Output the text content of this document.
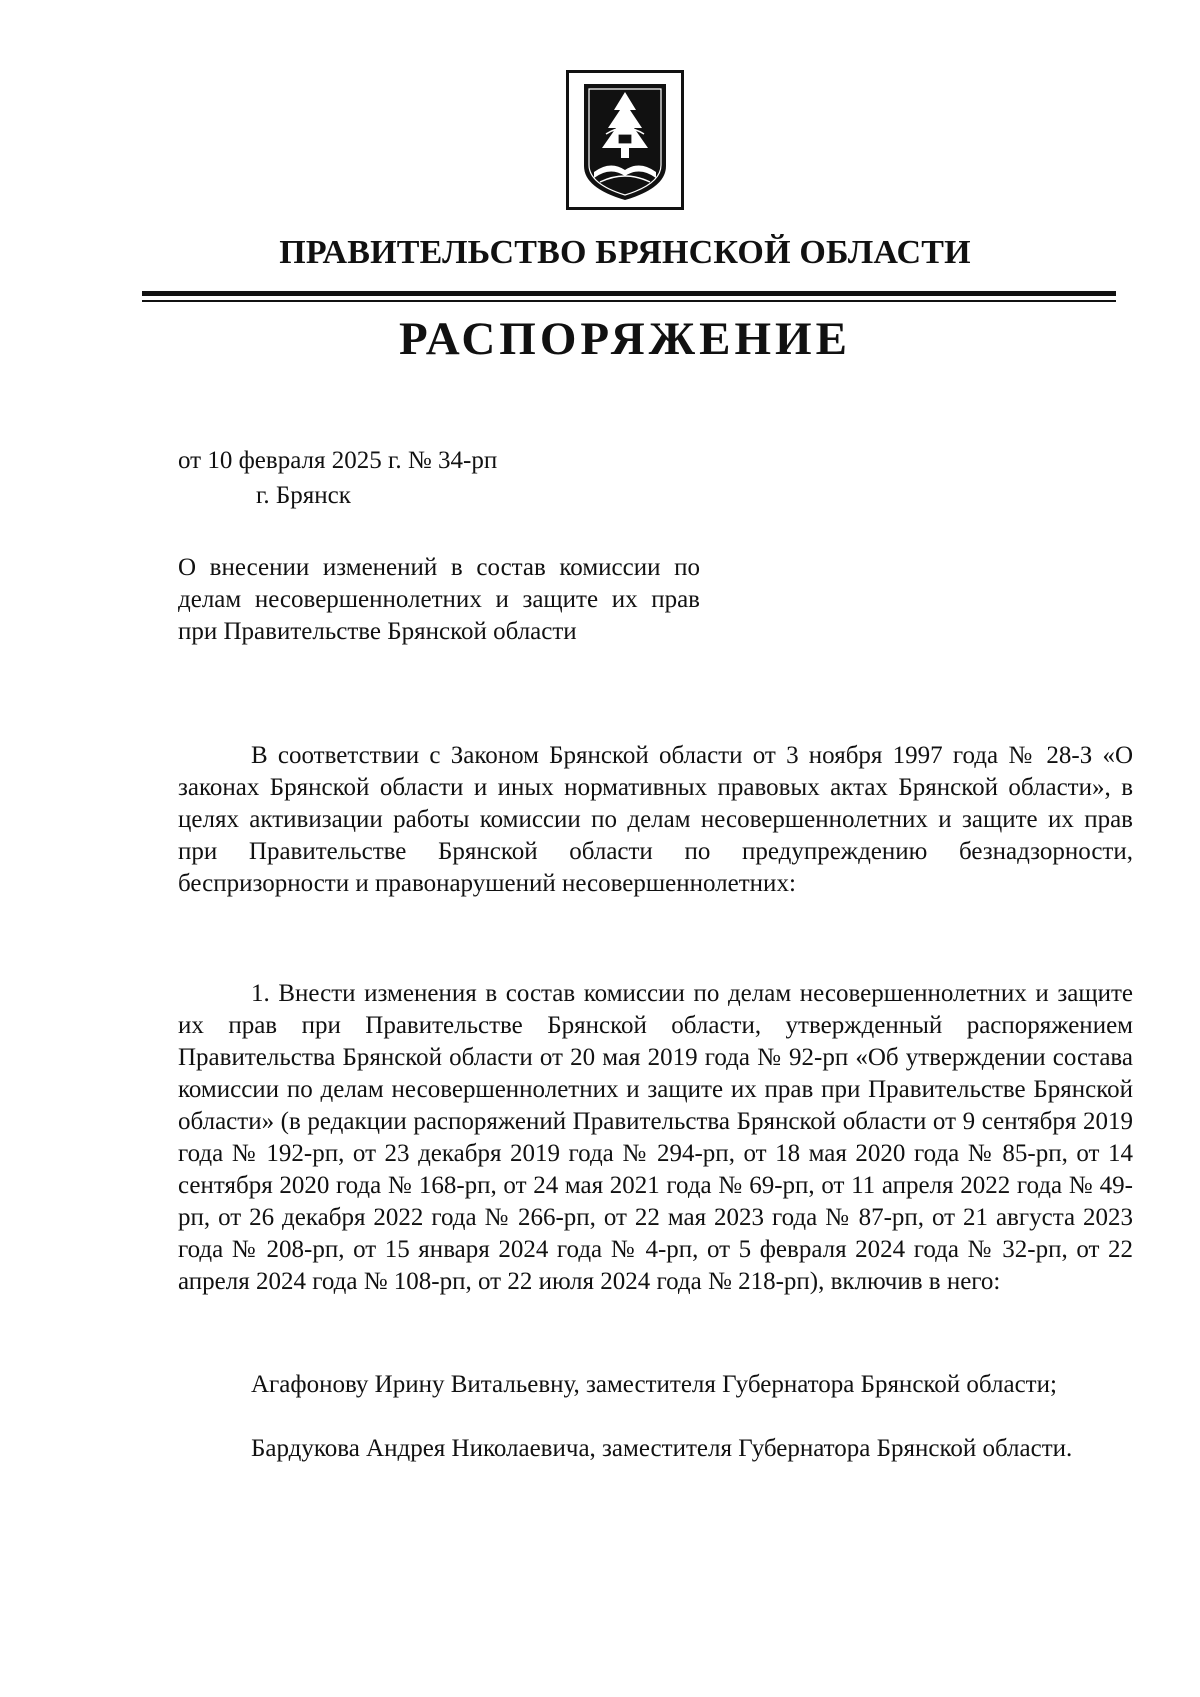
ПРАВИТЕЛЬСТВО БРЯНСКОЙ ОБЛАСТИ
РАСПОРЯЖЕНИЕ
от 10 февраля 2025 г. № 34-рп
г. Брянск
О внесении изменений в состав комиссии по делам несовершеннолетних и защите их прав при Правительстве Брянской области
В соответствии с Законом Брянской области от 3 ноября 1997 года № 28-З «О законах Брянской области и иных нормативных правовых актах Брянской области», в целях активизации работы комиссии по делам несовершеннолетних и защите их прав при Правительстве Брянской области по предупреждению безнадзорности, беспризорности и правонарушений несовершеннолетних:
1. Внести изменения в состав комиссии по делам несовершеннолетних и защите их прав при Правительстве Брянской области, утвержденный распоряжением Правительства Брянской области от 20 мая 2019 года № 92-рп «Об утверждении состава комиссии по делам несовершеннолетних и защите их прав при Правительстве Брянской области» (в редакции распоряжений Правительства Брянской области от 9 сентября 2019 года № 192-рп, от 23 декабря 2019 года № 294-рп, от 18 мая 2020 года № 85-рп, от 14 сентября 2020 года № 168-рп, от 24 мая 2021 года № 69-рп, от 11 апреля 2022 года № 49-рп, от 26 декабря 2022 года № 266-рп, от 22 мая 2023 года № 87-рп, от 21 августа 2023 года № 208-рп, от 15 января 2024 года № 4-рп, от 5 февраля 2024 года № 32-рп, от 22 апреля 2024 года № 108-рп, от 22 июля 2024 года № 218-рп), включив в него:
Агафонову Ирину Витальевну, заместителя Губернатора Брянской области;
Бардукова Андрея Николаевича, заместителя Губернатора Брянской области.
